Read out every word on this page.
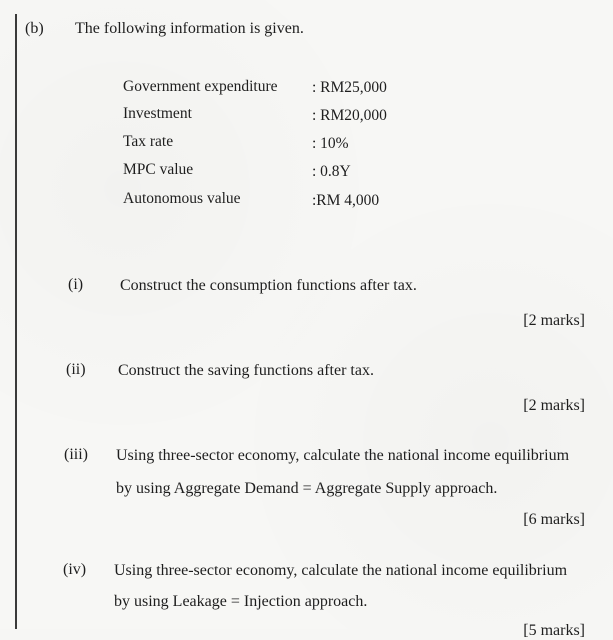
(b) The following information is given.
Government expenditure : RM25,000
Investment	: RM20,000
Tax rate	: 10%
MPC value	: 0.8Y
Autonomous value	:RM 4,000
(i) Construct the consumption functions after tax.
[2 marks]
(ii) Construct the saving functions after tax.
[2 marks]
(iii) Using three-sector economy, calculate the national income equilibrium
by using Aggregate Demand = Aggregate Supply approach.
[6 marks]
(iv) Using three-sector economy, calculate the national income equilibrium
by using Leakage = Injection approach.
[5 marks]
